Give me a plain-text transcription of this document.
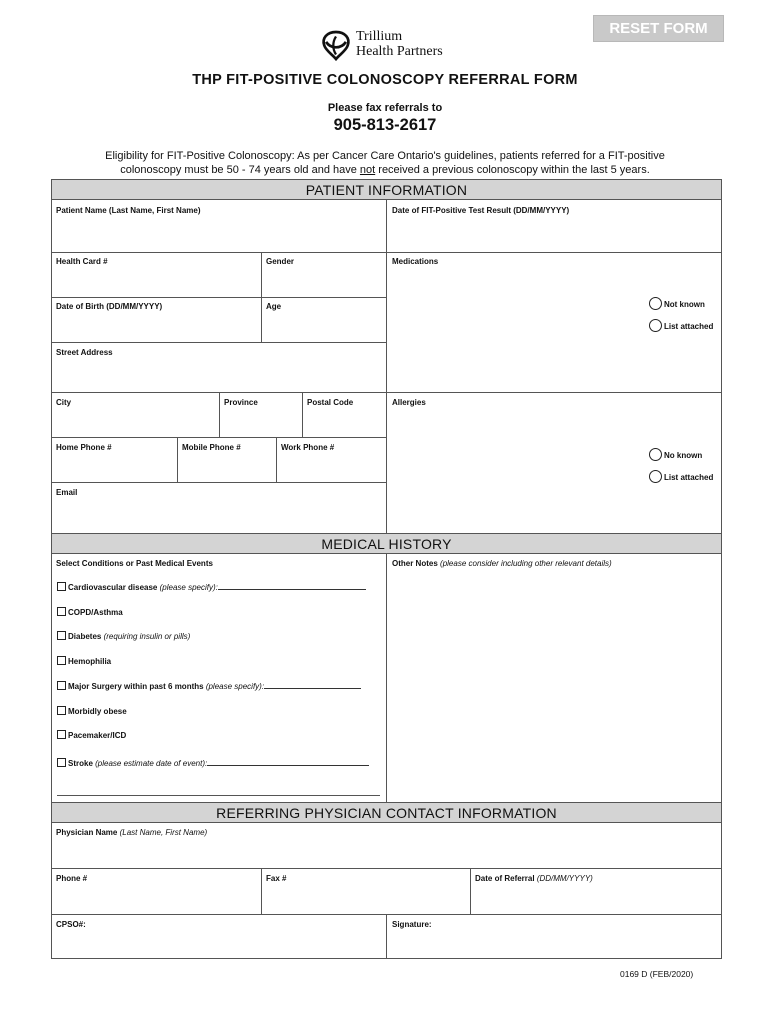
RESET FORM
Trillium
Health Partners
THP FIT-POSITIVE COLONOSCOPY REFERRAL FORM
Please fax referrals to
905-813-2617
Eligibility for FIT-Positive Colonoscopy: As per Cancer Care Ontario's guidelines, patients referred for a FIT-positive
colonoscopy must be 50 - 74 years old and have not received a previous colonoscopy within the last 5 years.
PATIENT INFORMATION
Patient Name (Last Name, First Name)	Date of FIT-Positive Test Result (DD/MM/YYYY)
Health Card #	Gender	Medications
Date of Birth (DD/MM/YYYY)	Age	Not known
List attached
Street Address
City	Province	Postal Code	Allergies
Home Phone #	Mobile Phone #	Work Phone #
No known
List attached
Email
MEDICAL HISTORY
Select Conditions or Past Medical Events	Other Notes (please consider including other relevant details)
Cardiovascular disease (please specify):
COPD/Asthma
Diabetes (requiring insulin or pills)
Hemophilia
Major Surgery within past 6 months (please specify):
Morbidly obese
Pacemaker/ICD
Stroke (please estimate date of event):
REFERRING PHYSICIAN CONTACT INFORMATION
Physician Name (Last Name, First Name)
Phone #	Fax #	Date of Referral (DD/MM/YYYY)
CPSO#:	Signature:
0169 D (FEB/2020)
